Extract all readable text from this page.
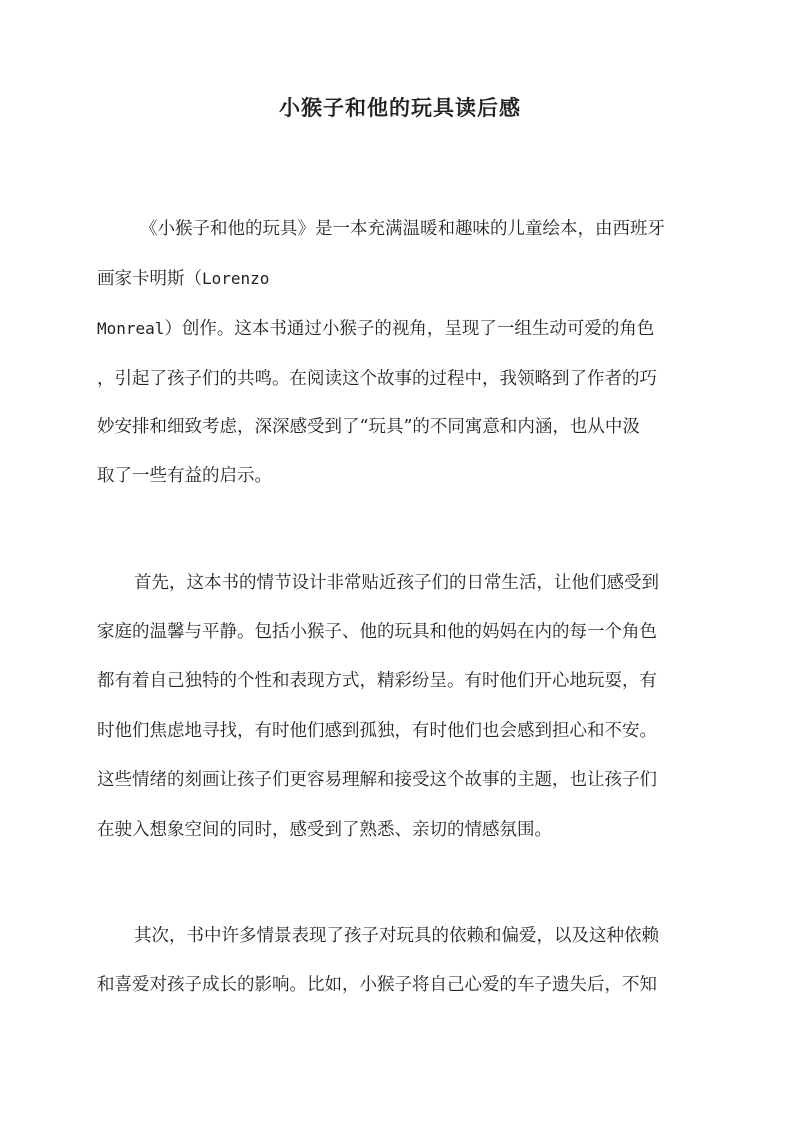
小猴子和他的玩具读后感

《小猴子和他的玩具》是一本充满温暖和趣味的儿童绘本，由西班牙

画家卡明斯（Lorenzo

Monreal）创作。这本书通过小猴子的视角，呈现了一组生动可爱的角色

，引起了孩子们的共鸣。在阅读这个故事的过程中，我领略到了作者的巧

妙安排和细致考虑，深深感受到了“玩具”的不同寓意和内涵，也从中汲

取了一些有益的启示。

首先，这本书的情节设计非常贴近孩子们的日常生活，让他们感受到

家庭的温馨与平静。包括小猴子、他的玩具和他的妈妈在内的每一个角色

都有着自己独特的个性和表现方式，精彩纷呈。有时他们开心地玩耍，有

时他们焦虑地寻找，有时他们感到孤独，有时他们也会感到担心和不安。

这些情绪的刻画让孩子们更容易理解和接受这个故事的主题，也让孩子们

在驶入想象空间的同时，感受到了熟悉、亲切的情感氛围。

其次，书中许多情景表现了孩子对玩具的依赖和偏爱，以及这种依赖

和喜爱对孩子成长的影响。比如，小猴子将自己心爱的车子遗失后，不知
